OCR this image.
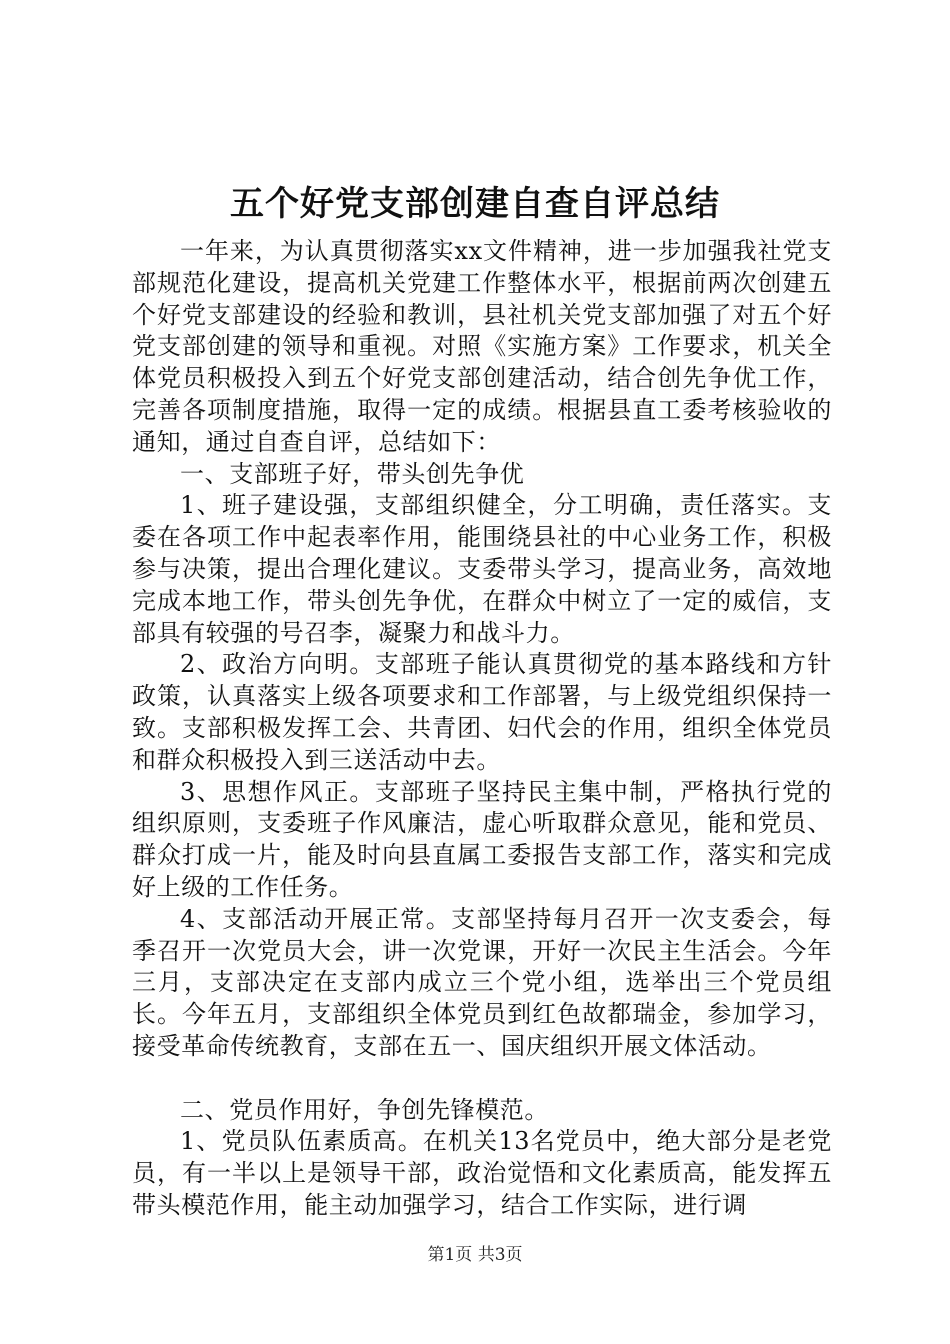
五个好党支部创建自查自评总结

一年来，为认真贯彻落实xx文件精神，进一步加强我社党支部规范化建设，提高机关党建工作整体水平，根据前两次创建五个好党支部建设的经验和教训，县社机关党支部加强了对五个好党支部创建的领导和重视。对照《实施方案》工作要求，机关全体党员积极投入到五个好党支部创建活动，结合创先争优工作，完善各项制度措施，取得一定的成绩。根据县直工委考核验收的通知，通过自查自评，总结如下：

一、支部班子好，带头创先争优

1、班子建设强，支部组织健全，分工明确，责任落实。支委在各项工作中起表率作用，能围绕县社的中心业务工作，积极参与决策，提出合理化建议。支委带头学习，提高业务，高效地完成本地工作，带头创先争优，在群众中树立了一定的威信，支部具有较强的号召李，凝聚力和战斗力。

2、政治方向明。支部班子能认真贯彻党的基本路线和方针政策，认真落实上级各项要求和工作部署，与上级党组织保持一致。支部积极发挥工会、共青团、妇代会的作用，组织全体党员和群众积极投入到三送活动中去。

3、思想作风正。支部班子坚持民主集中制，严格执行党的组织原则，支委班子作风廉洁，虚心听取群众意见，能和党员、群众打成一片，能及时向县直属工委报告支部工作，落实和完成好上级的工作任务。

4、支部活动开展正常。支部坚持每月召开一次支委会，每季召开一次党员大会，讲一次党课，开好一次民主生活会。今年三月，支部决定在支部内成立三个党小组，选举出三个党员组长。今年五月，支部组织全体党员到红色故都瑞金，参加学习，接受革命传统教育，支部在五一、国庆组织开展文体活动。

二、党员作用好，争创先锋模范。

1、党员队伍素质高。在机关13名党员中，绝大部分是老党员，有一半以上是领导干部，政治觉悟和文化素质高，能发挥五带头模范作用，能主动加强学习，结合工作实际，进行调

第1页 共3页
